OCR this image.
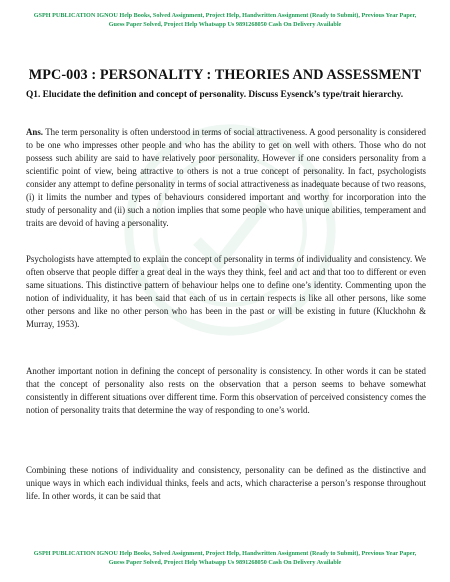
GSPH PUBLICATION IGNOU Help Books, Solved Assignment, Project Help, Handwritten Assignment (Ready to Submit), Previous Year Paper, Guess Paper Solved, Project Help Whatsapp Us 9891268050 Cash On Delivery Available
MPC-003 : PERSONALITY : THEORIES AND ASSESSMENT
Q1. Elucidate the definition and concept of personality. Discuss Eysenck’s type/trait hierarchy.

Ans. The term personality is often understood in terms of social attractiveness. A good personality is considered to be one who impresses other people and who has the ability to get on well with others. Those who do not possess such ability are said to have relatively poor personality. However if one considers personality from a scientific point of view, being attractive to others is not a true concept of personality. In fact, psychologists consider any attempt to define personality in terms of social attractiveness as inadequate because of two reasons, (i) it limits the number and types of behaviours considered important and worthy for incorporation into the study of personality and (ii) such a notion implies that some people who have unique abilities, temperament and traits are devoid of having a personality.

Psychologists have attempted to explain the concept of personality in terms of individuality and consistency. We often observe that people differ a great deal in the ways they think, feel and act and that too to different or even same situations. This distinctive pattern of behaviour helps one to define one’s identity. Commenting upon the notion of individuality, it has been said that each of us in certain respects is like all other persons, like some other persons and like no other person who has been in the past or will be existing in future (Kluckhohn & Murray, 1953).

Another important notion in defining the concept of personality is consistency. In other words it can be stated that the concept of personality also rests on the observation that a person seems to behave somewhat consistently in different situations over different time. Form this observation of perceived consistency comes the notion of personality traits that determine the way of responding to one’s world.

Combining these notions of individuality and consistency, personality can be defined as the distinctive and unique ways in which each individual thinks, feels and acts, which characterise a person’s response throughout life. In other words, it can be said that

GSPH PUBLICATION IGNOU Help Books, Solved Assignment, Project Help, Handwritten Assignment (Ready to Submit), Previous Year Paper, Guess Paper Solved, Project Help Whatsapp Us 9891268050 Cash On Delivery Available
